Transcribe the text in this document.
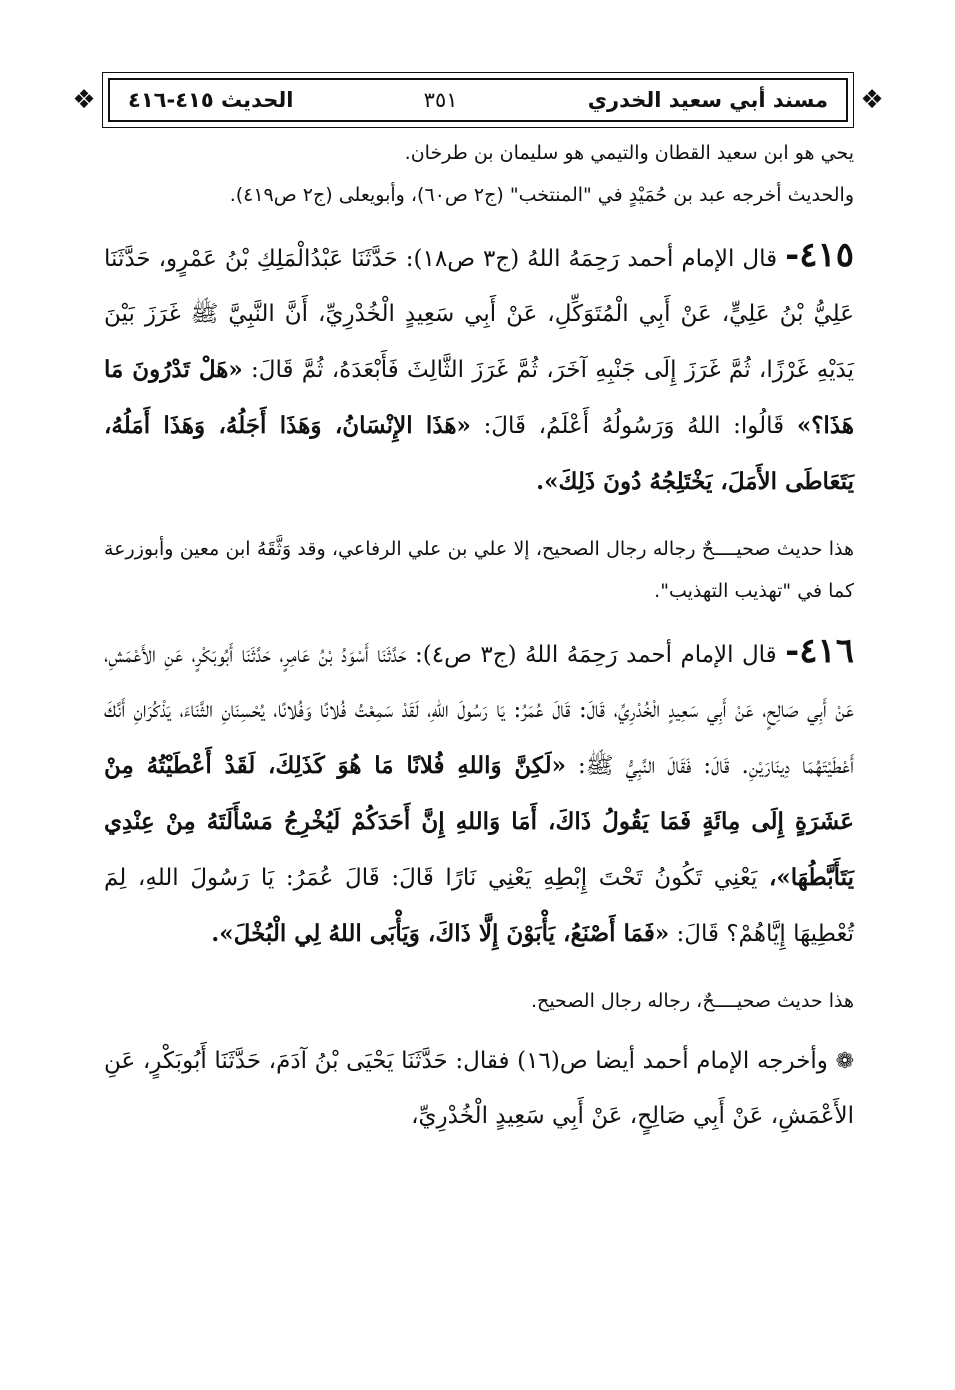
❖
❖	مسند أبي سعيد الخدري
٣٥١
الحديث ٤١٥-٤١٦

يحي هو ابن سعيد القطان والتيمي هو سليمان بن طرخان.

والحديث أخرجه عبد بن حُمَيْدٍ في "المنتخب" (ج٢ ص٦٠)، وأبويعلى (ج٢ ص٤١٩).

٤١٥- قال الإمام أحمد رَحِمَهُ اللهُ (ج٣ ص١٨): حَدَّثَنَا عَبْدُالْمَلِكِ بْنُ عَمْرٍو، حَدَّثَنَا عَلِيُّ بْنُ عَلِيٍّ، عَنْ أَبِي الْمُتَوَكِّلِ، عَنْ أَبِي سَعِيدٍ الْخُدْرِيِّ، أَنَّ النَّبِيَّ ﷺ غَرَزَ بَيْنَ يَدَيْهِ غَرْزًا، ثُمَّ غَرَزَ إِلَى جَنْبِهِ آخَرَ، ثُمَّ غَرَزَ الثَّالِثَ فَأَبْعَدَهُ، ثُمَّ قَالَ: «هَلْ تَدْرُونَ مَا هَذَا؟» قَالُوا: اللهُ وَرَسُولُهُ أَعْلَمُ، قَالَ: «هَذَا الإِنْسَانُ، وَهَذَا أَجَلُهُ، وَهَذَا أَمَلُهُ، يَتَعَاطَى الأَمَلَ، يَخْتَلِجُهُ دُونَ ذَلِكَ».

هذا حديث صحيــــحٌ رجاله رجال الصحيح، إلا علي بن علي الرفاعي، وقد وَثَّقَهُ ابن معين وأبوزرعة كما في "تهذيب التهذيب".

٤١٦- قال الإمام أحمد رَحِمَهُ اللهُ (ج٣ ص٤): حَدَّثَنَا أَسْوَدُ بْنُ عَامِرٍ، حَدَّثَنَا أَبُوبَكْرٍ، عَنِ الأَعْمَشِ، عَنْ أَبِي صَالِحٍ، عَنْ أَبِي سَعِيدٍ الْخُدْرِيِّ، قَالَ: قَالَ عُمَرُ: يَا رَسُولَ اللهِ، لَقَدْ سَمِعْتُ فُلانًا وَفُلانًا، يُحْسِنَانِ الثَّنَاءَ، يَذْكُرَانِ أَنَّكَ أَعْطَيْتَهُمَا دِينَارَيْنِ. قَالَ: فَقَالَ النَّبِيُّ ﷺ: «لَكِنَّ وَاللهِ فُلانًا مَا هُوَ كَذَلِكَ، لَقَدْ أَعْطَيْتُهُ مِنْ عَشَرَةٍ إِلَى مِائَةٍ فَمَا يَقُولُ ذَاكَ، أَمَا وَاللهِ إِنَّ أَحَدَكُمْ لَيُخْرِجُ مَسْأَلَتَهُ مِنْ عِنْدِي يَتَأَبَّطُهَا»، يَعْنِي تَكُونُ تَحْتَ إِبْطِهِ يَعْنِي نَارًا قَالَ: قَالَ عُمَرُ: يَا رَسُولَ اللهِ، لِمَ تُعْطِيهَا إِيَّاهُمْ؟ قَالَ: «فَمَا أَصْنَعُ، يَأْبَوْنَ إِلَّا ذَاكَ، وَيَأْبَى اللهُ لِي الْبُخْلَ».

هذا حديث صحيــــحٌ، رجاله رجال الصحيح.

❁ وأخرجه الإمام أحمد أيضا ص(١٦) فقال: حَدَّثَنَا يَحْيَى بْنُ آدَمَ، حَدَّثَنَا أَبُوبَكْرٍ، عَنِ الأَعْمَشِ، عَنْ أَبِي صَالِحٍ، عَنْ أَبِي سَعِيدٍ الْخُدْرِيِّ،
